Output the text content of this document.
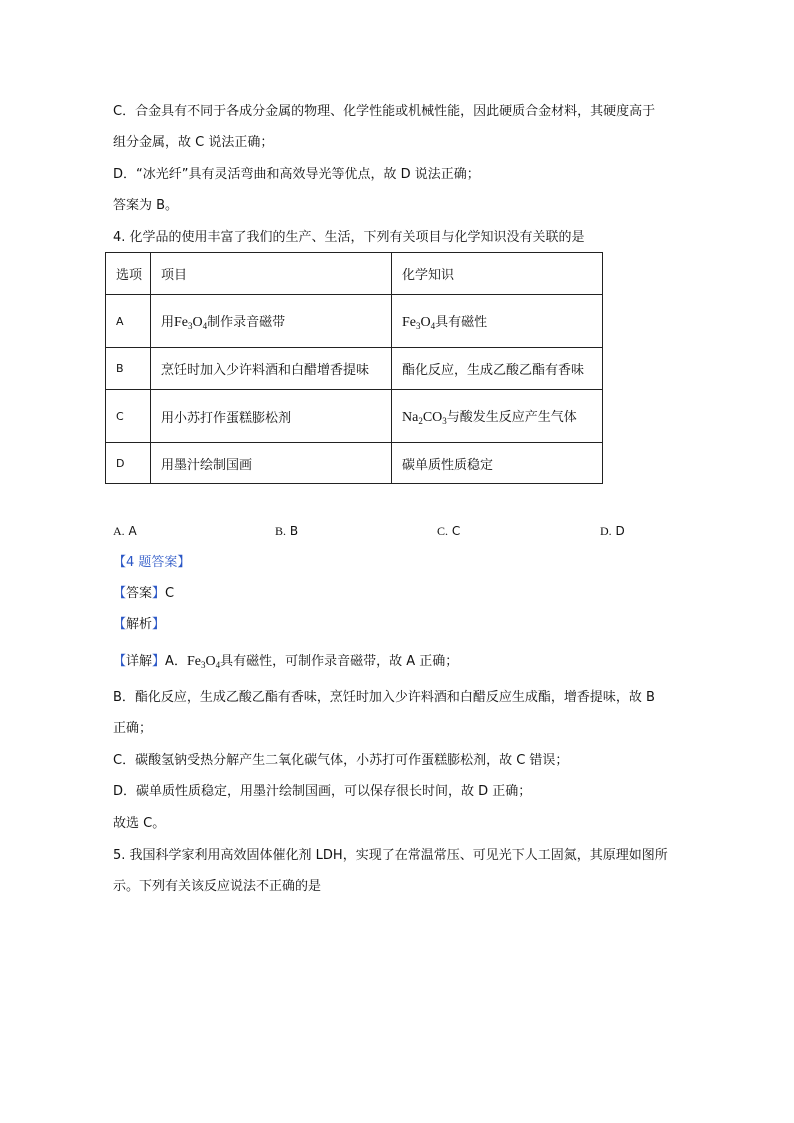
C．合金具有不同于各成分金属的物理、化学性能或机械性能，因此硬质合金材料，其硬度高于
组分金属，故 C 说法正确；
D．“冰光纤”具有灵活弯曲和高效导光等优点，故 D 说法正确；
答案为 B。
4. 化学品的使用丰富了我们的生产、生活，下列有关项目与化学知识没有关联的是
选项	项目	化学知识
A	用$Fe_3O_4$制作录音磁带	$Fe_3O_4$具有磁性
B	烹饪时加入少许料酒和白醋增香提味	酯化反应，生成乙酸乙酯有香味
C	用小苏打作蛋糕膨松剂	$Na_2CO_3$与酸发生反应产生气体
D	用墨汁绘制国画	碳单质性质稳定
A. A	B. B	C. C	D. D
【4 题答案】
【答案】C
【解析】
【详解】A．$Fe_3O_4$具有磁性，可制作录音磁带，故 A 正确；
B．酯化反应，生成乙酸乙酯有香味，烹饪时加入少许料酒和白醋反应生成酯，增香提味，故 B
正确；
C．碳酸氢钠受热分解产生二氧化碳气体，小苏打可作蛋糕膨松剂，故 C 错误；
D．碳单质性质稳定，用墨汁绘制国画，可以保存很长时间，故 D 正确；
故选 C。
5. 我国科学家利用高效固体催化剂 LDH，实现了在常温常压、可见光下人工固氮，其原理如图所
示。下列有关该反应说法不正确的是
